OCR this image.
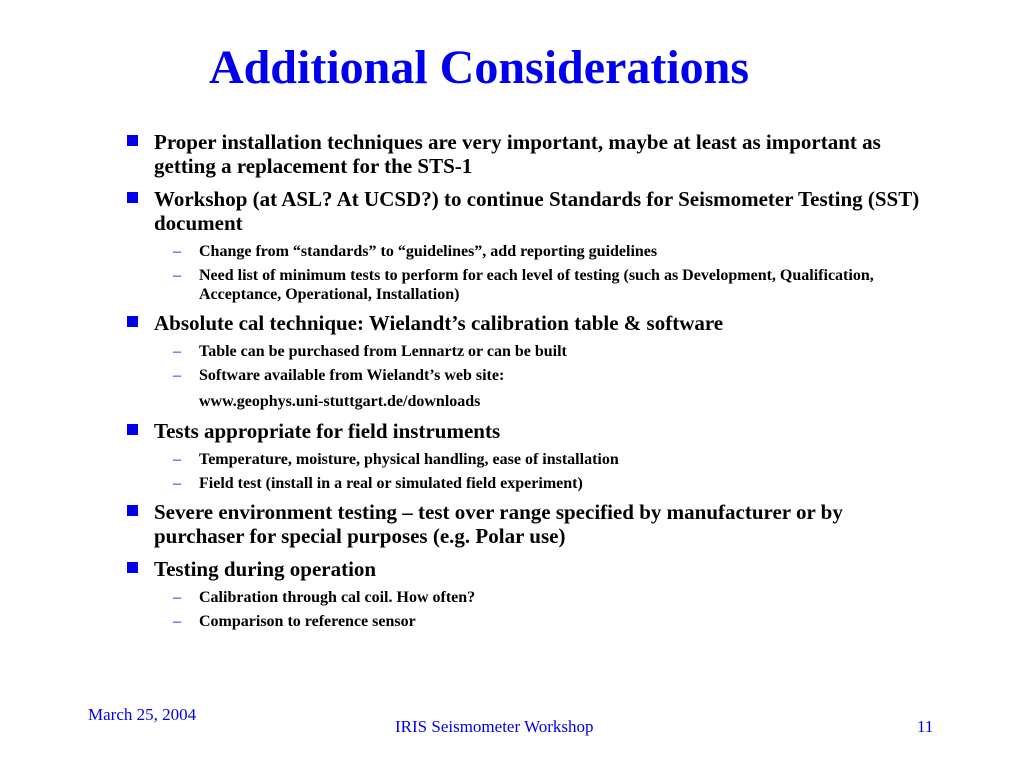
Additional Considerations
Proper installation techniques are very important, maybe at least as important as getting a replacement for the STS-1
Workshop (at ASL? At UCSD?) to continue Standards for Seismometer Testing (SST) document
– Change from “standards” to “guidelines”, add reporting guidelines
– Need list of minimum tests to perform for each level of testing (such as Development, Qualification, Acceptance, Operational, Installation)
Absolute cal technique: Wielandt’s calibration table & software
– Table can be purchased from Lennartz or can be built
– Software available from Wielandt’s web site:
www.geophys.uni-stuttgart.de/downloads
Tests appropriate for field instruments
– Temperature, moisture, physical handling, ease of installation
– Field test (install in a real or simulated field experiment)
Severe environment testing – test over range specified by manufacturer or by purchaser for special purposes (e.g. Polar use)
Testing during operation
– Calibration through cal coil. How often?
– Comparison to reference sensor
March 25, 2004
IRIS Seismometer Workshop	11
